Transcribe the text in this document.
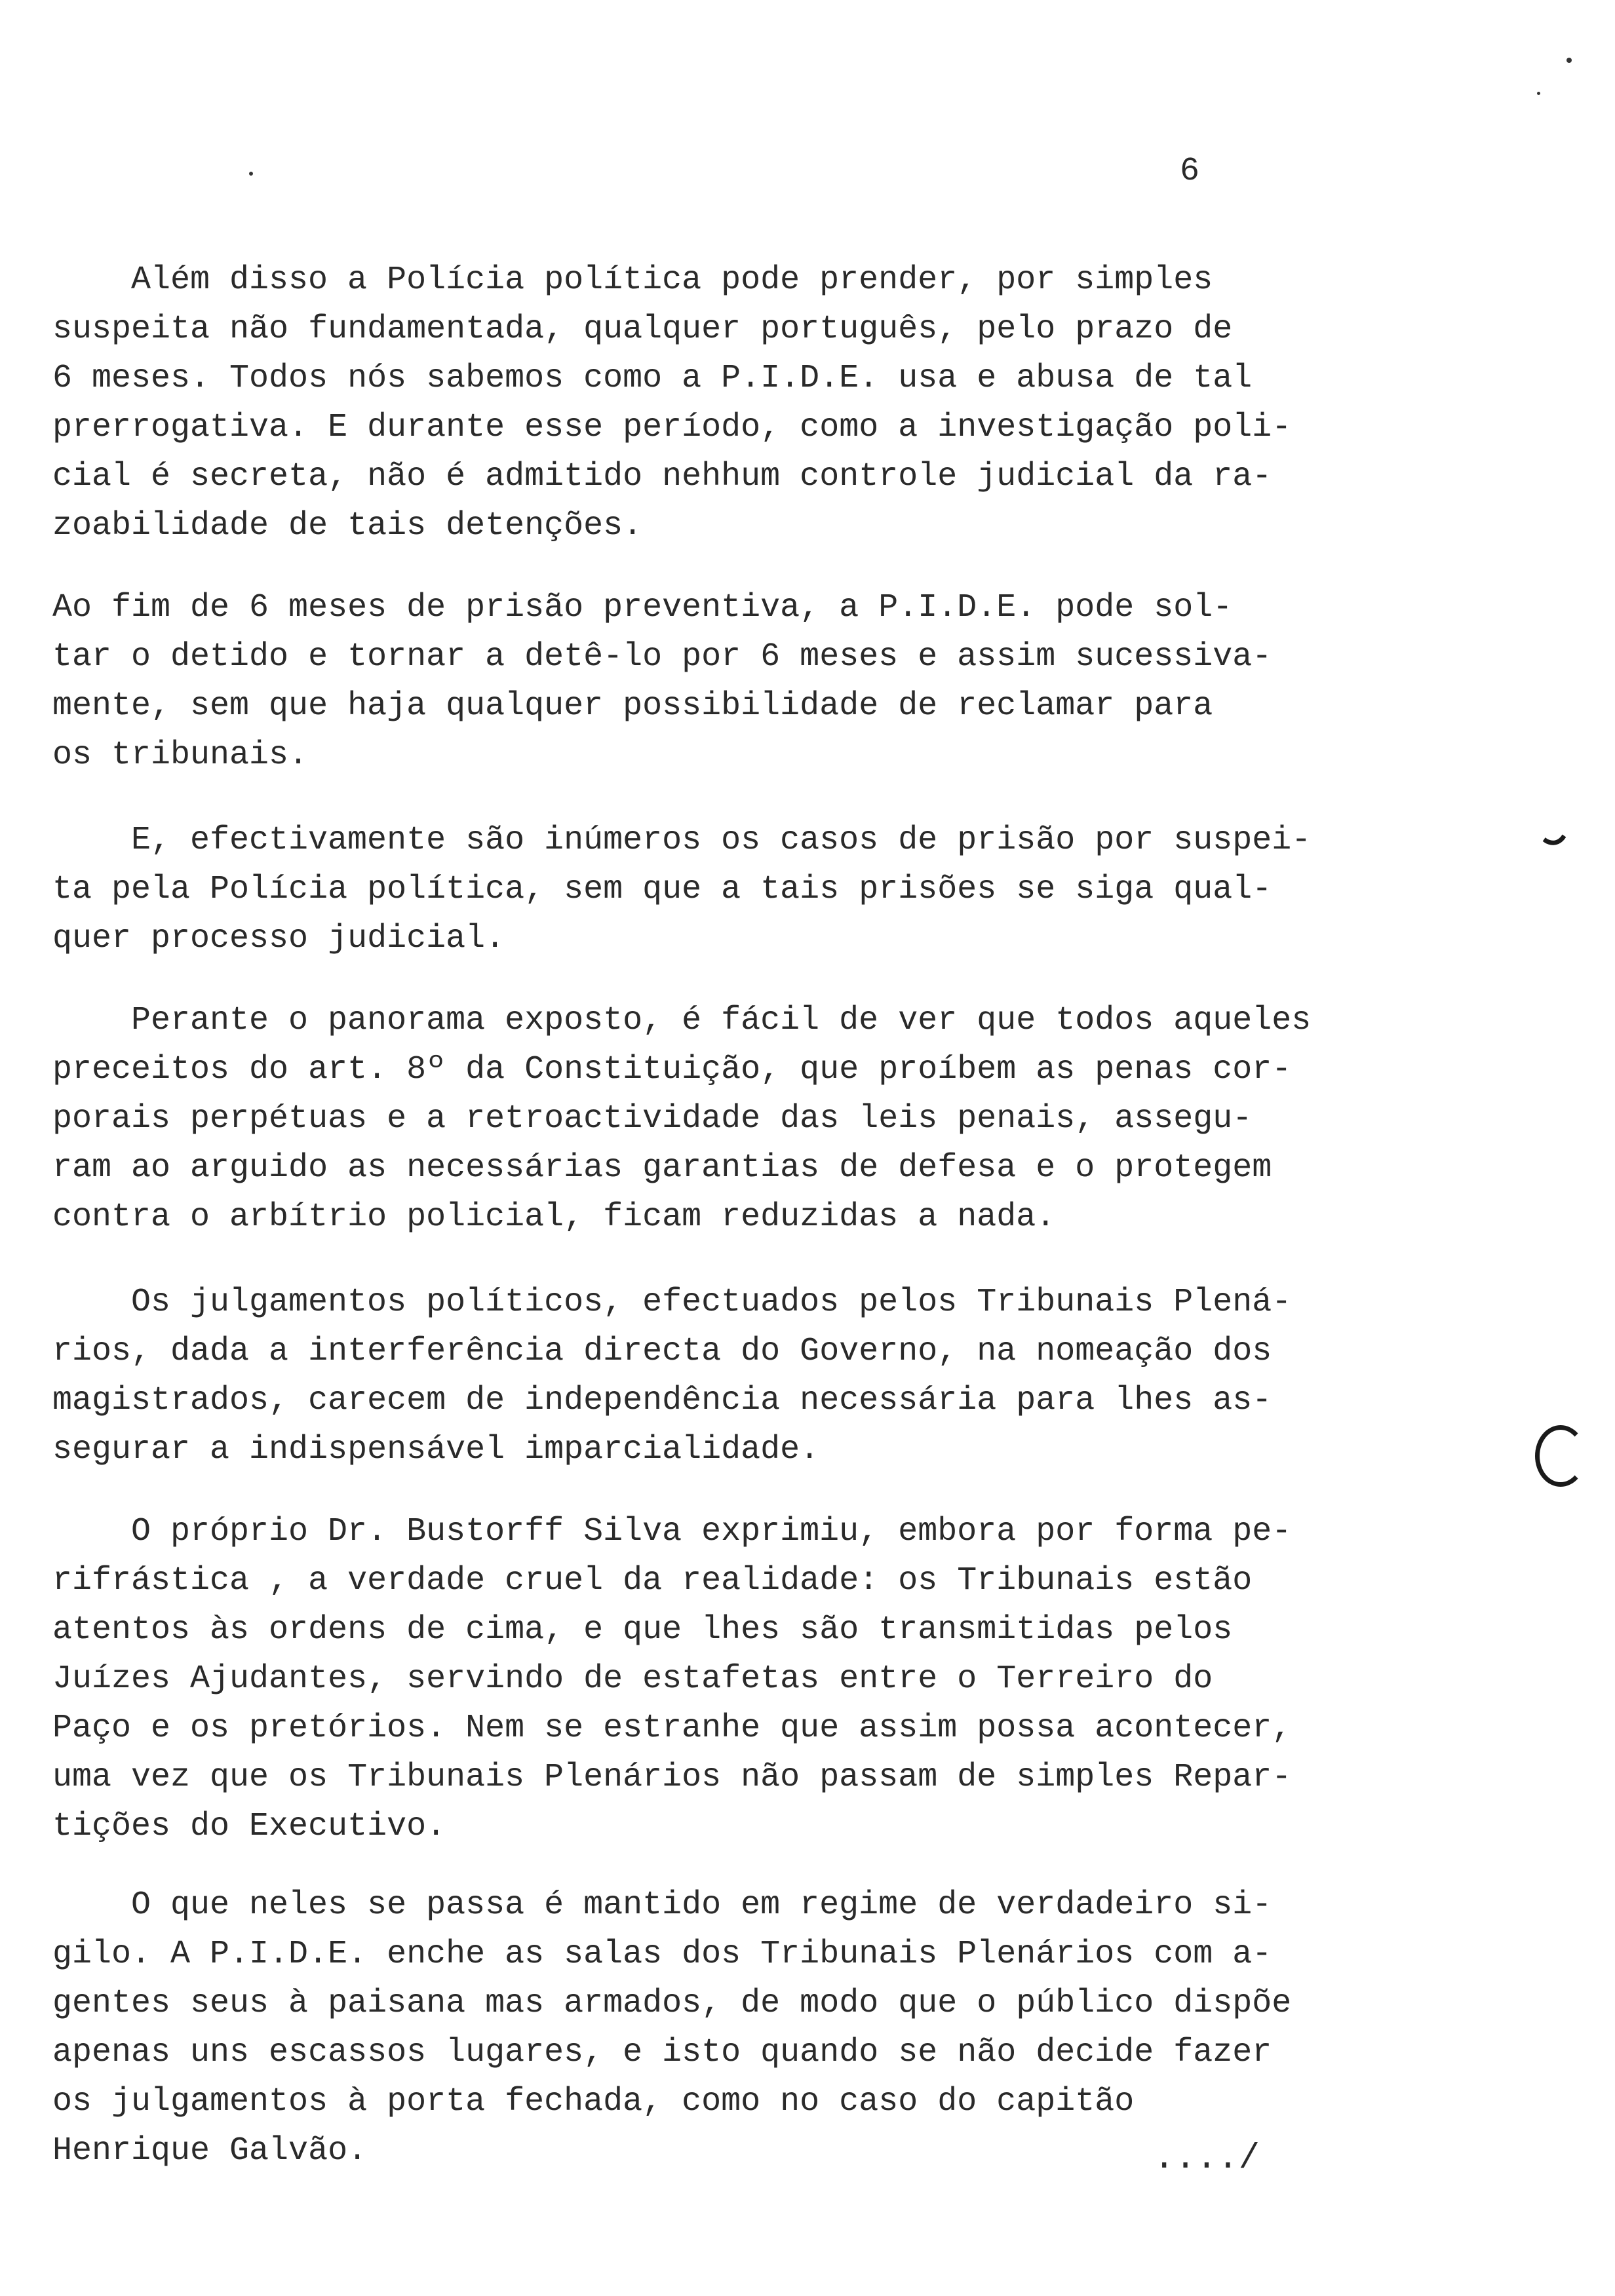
6

Além disso a Polícia política pode prender, por simples
suspeita não fundamentada, qualquer português, pelo prazo de
6 meses. Todos nós sabemos como a P.I.D.E. usa e abusa de tal
prerrogativa. E durante esse período, como a investigação poli-
cial é secreta, não é admitido nehhum controle judicial da ra-
zoabilidade de tais detenções.
Ao fim de 6 meses de prisão preventiva, a P.I.D.E. pode sol-
tar o detido e tornar a detê-lo por 6 meses e assim sucessiva-
mente, sem que haja qualquer possibilidade de reclamar para
os tribunais.
E, efectivamente são inúmeros os casos de prisão por suspei-
ta pela Polícia política, sem que a tais prisões se siga qual-
quer processo judicial.
Perante o panorama exposto, é fácil de ver que todos aqueles
preceitos do art. 8º da Constituição, que proíbem as penas cor-
porais perpétuas e a retroactividade das leis penais, assegu-
ram ao arguido as necessárias garantias de defesa e o protegem
contra o arbítrio policial, ficam reduzidas a nada.
Os julgamentos políticos, efectuados pelos Tribunais Plená-
rios, dada a interferência directa do Governo, na nomeação dos
magistrados, carecem de independência necessária para lhes as-
segurar a indispensável imparcialidade.
O próprio Dr. Bustorff Silva exprimiu, embora por forma pe-
rifrástica , a verdade cruel da realidade: os Tribunais estão
atentos às ordens de cima, e que lhes são transmitidas pelos
Juízes Ajudantes, servindo de estafetas entre o Terreiro do
Paço e os pretórios. Nem se estranhe que assim possa acontecer,
uma vez que os Tribunais Plenários não passam de simples Repar-
tições do Executivo.
O que neles se passa é mantido em regime de verdadeiro si-
gilo. A P.I.D.E. enche as salas dos Tribunais Plenários com a-
gentes seus à paisana mas armados, de modo que o público dispõe
apenas uns escassos lugares, e isto quando se não decide fazer
os julgamentos à porta fechada, como no caso do capitão
Henrique Galvão.	..../
